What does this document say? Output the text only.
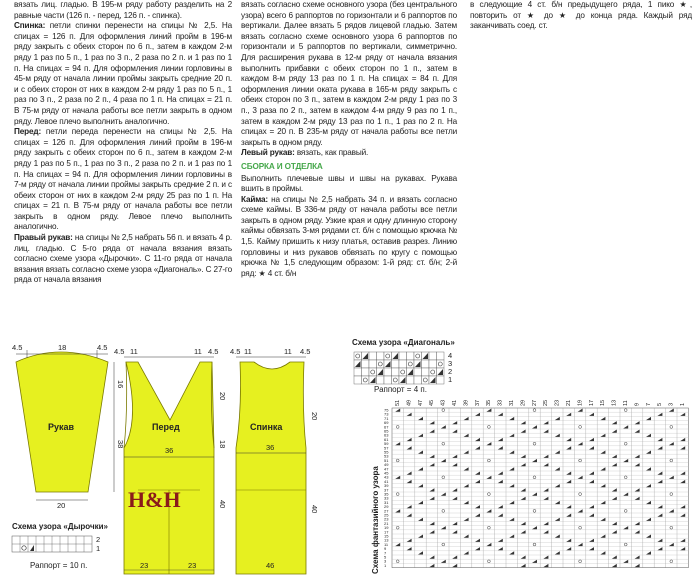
вязать лиц. гладью. В 195-м ряду работу разделить на 2 равные части (126 п. - перед, 126 п. - спинка).

Спинка: петли спинки перенести на спицы № 2,5. На спицах = 126 п. Для оформления линий пройм в 196-м ряду закрыть с обеих сторон по 6 п., затем в каждом 2-м ряду 1 раз по 5 п., 1 раз по 3 п., 2 раза по 2 п. и 1 раз по 1 п. На спицах = 94 п. Для оформления линии горловины в 45-м ряду от начала линии проймы закрыть средние 20 п. и с обеих сторон от них в каждом 2-м ряду 1 раз по 5 п., 1 раз по 3 п., 2 раза по 2 п., 4 раза по 1 п. На спицах = 21 п. В 75-м ряду от начала работы все петли закрыть в одном ряду. Левое плечо выполнить аналогично.

Перед: петли переда перенести на спицы № 2,5. На спицах = 126 п. Для оформления линий пройм в 196-м ряду закрыть с обеих сторон по 6 п., затем в каждом 2-м ряду 1 раз по 5 п., 1 раз по 3 п., 2 раза по 2 п. и 1 раз по 1 п. На спицах = 94 п. Для оформления линии горловины в 7-м ряду от начала линии проймы закрыть средние 2 п. и с обеих сторон от них в каждом 2-м ряду 25 раз по 1 п. На спицах = 21 п. В 75-м ряду от начала работы все петли закрыть в одном ряду. Левое плечо выполнить аналогично.

Правый рукав: на спицы № 2,5 набрать 56 п. и вязать 4 р. лиц. гладью. С 5-го ряда от начала вязания вязать согласно схеме узора «Дырочки». С 11-го ряда от начала вязания вязать согласно схеме узора «Диагональ». С 27-го ряда от начала вязания

вязать согласно схеме основного узора (без центрального узора) всего 6 раппортов по горизонтали и 6 раппортов по вертикали. Далее вязать 5 рядов лицевой гладью. Затем вязать согласно схеме основного узора 6 раппортов по горизонтали и 5 раппортов по вертикали, симметрично. Для расширения рукава в 12-м ряду от начала вязания выполнить прибавки с обеих сторон по 1 п., затем в каждом 8-м ряду 13 раз по 1 п. На спицах = 84 п. Для оформления линии оката рукава в 165-м ряду закрыть с обеих сторон по 3 п., затем в каждом 2-м ряду 1 раз по 3 п., 3 раза по 2 п., затем в каждом 4-м ряду 9 раз по 1 п., затем в каждом 2-м ряду 13 раз по 1 п., 1 раз по 2 п. На спицах = 20 п. В 235-м ряду от начала работы все петли закрыть в одном ряду.

Левый рукав: вязать, как правый.

СБОРКА И ОТДЕЛКА

Выполнить плечевые швы и швы на рукавах. Рукава вшить в проймы.

Кайма: на спицы № 2,5 набрать 34 п. и вязать согласно схеме каймы. В 336-м ряду от начала работы все петли закрыть в одном ряду. Узкие края и одну длинную сторону каймы обвязать 3-мя рядами ст. б/н с помощью крючка № 1,5. Кайму пришить к низу платья, оставив разрез. Линию горловины и низ рукавов обвязать по кругу с помощью крючка № 1,5 следующим образом: 1-й ряд: ст. б/н; 2-й ряд: ★ 4 ст. б/н

в следующие 4 ст. б/н предыдущего ряда, 1 пико ★, повторить от ★ до ★ до конца ряда. Каждый ряд заканчивать соед. ст.

4.5	18	4.5
16
38
20
Рукав
4.5 11	11 4.5
20
18
36
40
Перед
23	23
4.5 11	11 4.5
20
36
40
Спинка
46
H&H
Схема узора «Дырочки»
2
1
Раппорт = 10 п.
Схема узора «Диагональ»
4
3
2
1
Раппорт = 4 п.
Схема фантазийного узора
51 49 47 45 43 41 39 37 35 33 31 29 27 25 23 21 19 17 15 13 11 9 7 5 3 1
75
73
71
69
67
65
63
61
59
57
55
53
51
49
47
45
43
41
39
37
35
33
31
29
27
25
23
21
19
17
15
13
11
9
7
5
3
1
